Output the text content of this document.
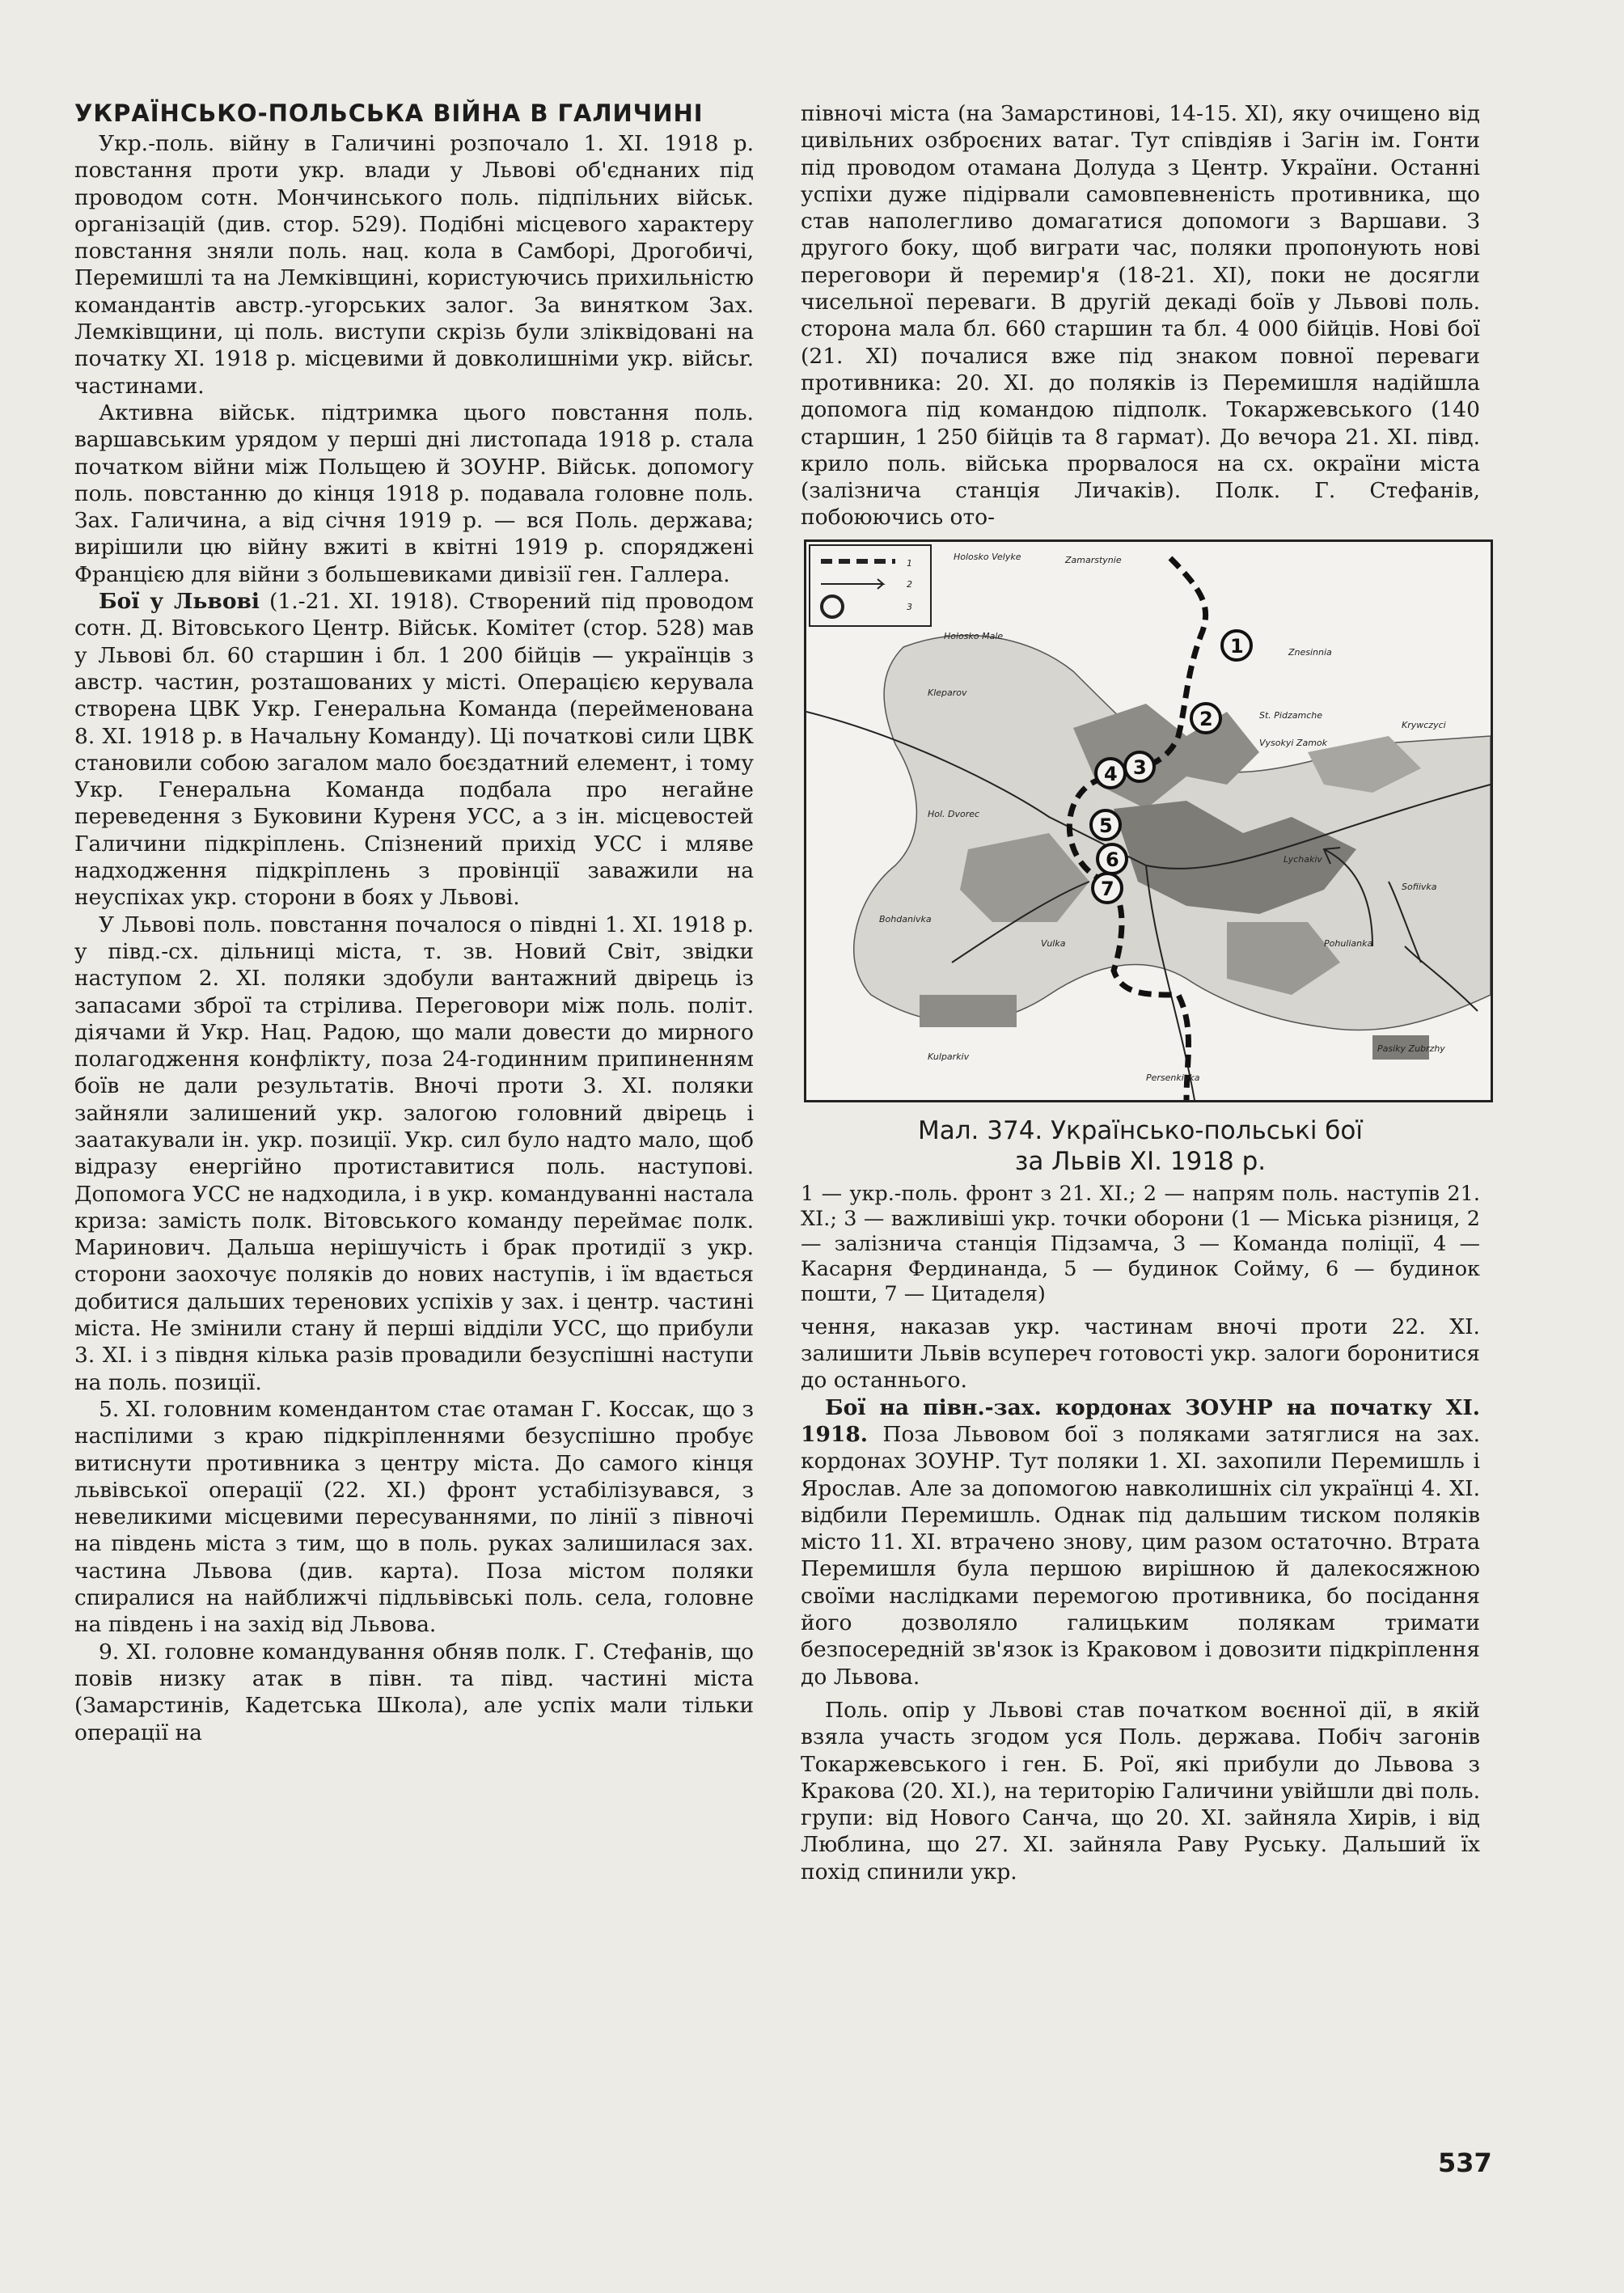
УКРАЇНСЬКО-ПОЛЬСЬКА ВІЙНА В ГАЛИЧИНІ

Укр.-поль. війну в Галичині розпочало 1. XI. 1918 р. повстання проти укр. влади у Львові об'єднаних під проводом сотн. Мончинського поль. підпільних військ. організацій (див. стор. 529). Подібні місцевого характеру повстання зняли поль. нац. кола в Самборі, Дрогобичі, Перемишлі та на Лемківщині, користуючись прихильністю командантів австр.-угорських залог. За винятком Зах. Лемківщини, ці поль. виступи скрізь були зліквідовані на початку XI. 1918 р. місцевими й довколишніми укр. війсьr. частинами.

Активна військ. підтримка цього повстання поль. варшавським урядом у перші дні листопада 1918 р. стала початком війни між Польщею й ЗОУНР. Військ. допомогу поль. повстанню до кінця 1918 р. подавала головне поль. Зах. Галичина, а від січня 1919 р. — вся Поль. держава; вирішили цю війну вжиті в квітні 1919 р. споряджені Францією для війни з большевиками дивізії ген. Галлера.

Бої у Львові (1.-21. XI. 1918). Створений під проводом сотн. Д. Вітовського Центр. Військ. Комітет (стор. 528) мав у Львові бл. 60 старшин і бл. 1 200 бійців — українців з австр. частин, розташованих у місті. Операцією керувала створена ЦВК Укр. Генеральна Команда (перейменована 8. XI. 1918 р. в Начальну Команду). Ці початкові сили ЦВК становили собою загалом мало боєздатний елемент, і тому Укр. Генеральна Команда подбала про негайне переведення з Буковини Куреня УСС, а з ін. місцевостей Галичини підкріплень. Спізнений прихід УСС і мляве надходження підкріплень з провінції заважили на неуспіхах укр. сторони в боях у Львові.

У Львові поль. повстання почалося о півдні 1. XI. 1918 р. у півд.-сх. дільниці міста, т. зв. Новий Світ, звідки наступом 2. XI. поляки здобули вантажний двірець із запасами зброї та стрілива. Переговори між поль. політ. діячами й Укр. Нац. Радою, що мали довести до мирного полагодження конфлікту, поза 24-годинним припиненням боїв не дали результатів. Вночі проти 3. XI. поляки зайняли залишений укр. залогою головний двірець і заатакували ін. укр. позиції. Укр. сил було надто мало, щоб відразу енергійно протиставитися поль. наступові. Допомога УСС не надходила, і в укр. командуванні настала криза: замість полк. Вітовського команду переймає полк. Маринович. Дальша нерішучість і брак протидії з укр. сторони заохочує поляків до нових наступів, і їм вдається добитися дальших теренових успіхів у зах. і центр. частині міста. Не змінили стану й перші відділи УСС, що прибули 3. XI. і з півдня кілька разів провадили безуспішні наступи на поль. позиції.

5. XI. головним комендантом стає отаман Г. Коссак, що з наспілими з краю підкріпленнями безуспішно пробує витиснути противника з центру міста. До самого кінця львівської операції (22. XI.) фронт устабілізувався, з невеликими місцевими пересуваннями, по лінії з півночі на південь міста з тим, що в поль. руках залишилася зах. частина Львова (див. карта). Поза містом поляки спиралися на найближчі підльвівські поль. села, головне на південь і на захід від Львова.

9. XI. головне командування обняв полк. Г. Стефанів, що повів низку атак в півн. та півд. частині міста (Замарстинів, Кадетська Школа), але успіх мали тільки операції на

півночі міста (на Замарстинові, 14-15. XI), яку очищено від цивільних озброєних ватаг. Тут співдіяв і Загін ім. Гонти під проводом отамана Долуда з Центр. України. Останні успіхи дуже підірвали самовпевненість противника, що став наполегливо домагатися допомоги з Варшави. З другого боку, щоб виграти час, поляки пропонують нові переговори й перемир'я (18-21. XI), поки не досягли чисельної переваги. В другій декаді боїв у Львові поль. сторона мала бл. 660 старшин та бл. 4 000 бійців. Нові бої (21. XI) почалися вже під знаком повної переваги противника: 20. XI. до поляків із Перемишля надійшла допомога під командою підполк. Токаржевського (140 старшин, 1 250 бійців та 8 гармат). До вечора 21. XI. півд. крило поль. війська прорвалося на сх. окраїни міста (залізнича станція Личаків). Полк. Г. Стефанів, побоюючись ото-

1
2
3
1
2
3
4
5
6
7
Holosko Velyke	Zamarstynie
Holosko Male
Znesinnia
Kleparov
St. Pidzamche
Vysokyi Zamok
Hol. Dvorec
Krywczyci
Lychakiv
Sofiivka
Bohdanivka
Pohulianka
Vulka
Kulparkiv
Pasiky Zubrzhy
Persenkivka
Мал. 374. Українсько-польські бої
за Львів XI. 1918 р.
1 — укр.-поль. фронт з 21. XI.; 2 — напрям поль. наступів 21. XI.; 3 — важливіші укр. точки оборони (1 — Міська різниця, 2 — залізнича станція Підзамча, 3 — Команда поліції, 4 — Касарня Фердинанда, 5 — будинок Сойму, 6 — будинок пошти, 7 — Цитаделя)

чення, наказав укр. частинам вночі проти 22. XI. залишити Львів всупереч готовості укр. залоги боронитися до останнього.

Бої на півн.-зах. кордонах ЗОУНР на початку XI. 1918. Поза Львовом бої з поляками затяглися на зах. кордонах ЗОУНР. Тут поляки 1. XI. захопили Перемишль і Ярослав. Але за допомогою навколишніх сіл українці 4. XI. відбили Перемишль. Однак під дальшим тиском поляків місто 11. XI. втрачено знову, цим разом остаточно. Втрата Перемишля була першою вирішною й далекосяжною своїми наслідками перемогою противника, бо посідання його дозволяло галицьким полякам тримати безпосередній зв'язок із Краковом і довозити підкріплення до Львова.

Поль. опір у Львові став початком воєнної дії, в якій взяла участь згодом уся Поль. держава. Побіч загонів Токаржевського і ген. Б. Рої, які прибули до Львова з Кракова (20. XI.), на територію Галичини увійшли дві поль. групи: від Нового Санча, що 20. XI. зайняла Хирів, і від Люблина, що 27. XI. зайняла Раву Руську. Дальший їх похід спинили укр.

537
